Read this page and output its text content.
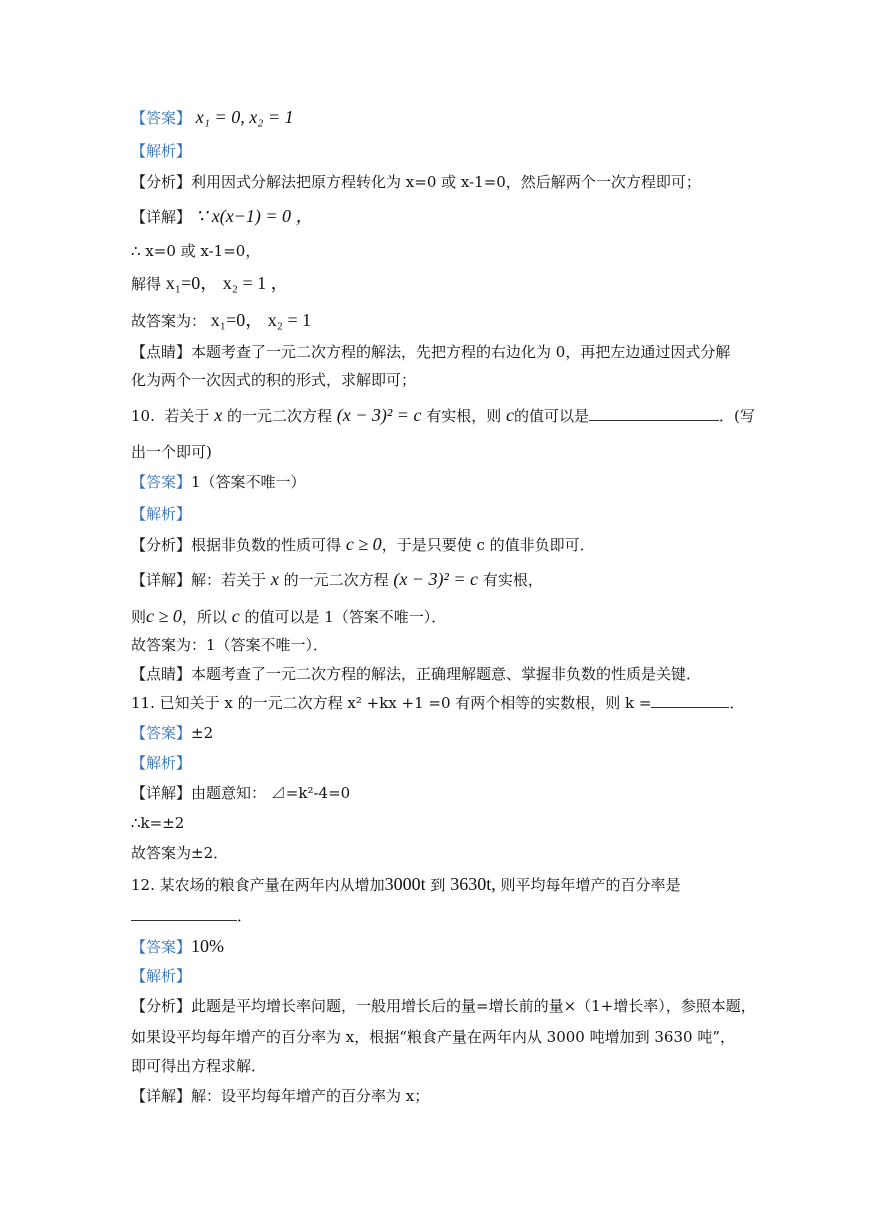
【答案】 x₁ = 0, x₂ = 1
【解析】
【分析】利用因式分解法把原方程转化为 x=0 或 x-1=0，然后解两个一次方程即可；
【详解】 ∵ x(x−1) = 0 ，
∴ x=0 或 x-1=0，
解得 x₁=0， x₂ = 1 ，
故答案为： x₁=0， x₂ = 1
【点睛】本题考查了一元二次方程的解法，先把方程的右边化为 0，再把左边通过因式分解
化为两个一次因式的积的形式，求解即可；
10. 若关于 x 的一元二次方程 (x − 3)² = c 有实根，则 c的值可以是	．(写
出一个即可)
【答案】1（答案不唯一）
【解析】
【分析】根据非负数的性质可得 c ≥ 0，于是只要使 c 的值非负即可．
【详解】解：若关于 x 的一元二次方程 (x − 3)² = c 有实根，
则c ≥ 0，所以 c 的值可以是 1（答案不唯一）．
故答案为：1（答案不唯一）．
【点睛】本题考查了一元二次方程的解法，正确理解题意、掌握非负数的性质是关键．
11. 已知关于 x 的一元二次方程 x² +kx +1 =0 有两个相等的实数根，则 k =	．
【答案】±2
【解析】
【详解】由题意知： ⊿=k²-4=0
∴k=±2
故答案为±2．
12. 某农场的粮食产量在两年内从增加3000t 到 3630t, 则平均每年增产的百分率是
．
【答案】10%
【解析】
【分析】此题是平均增长率问题，一般用增长后的量=增长前的量×（1+增长率），参照本题，
如果设平均每年增产的百分率为 x，根据“粮食产量在两年内从 3000 吨增加到 3630 吨”，
即可得出方程求解．
【详解】解：设平均每年增产的百分率为 x；
